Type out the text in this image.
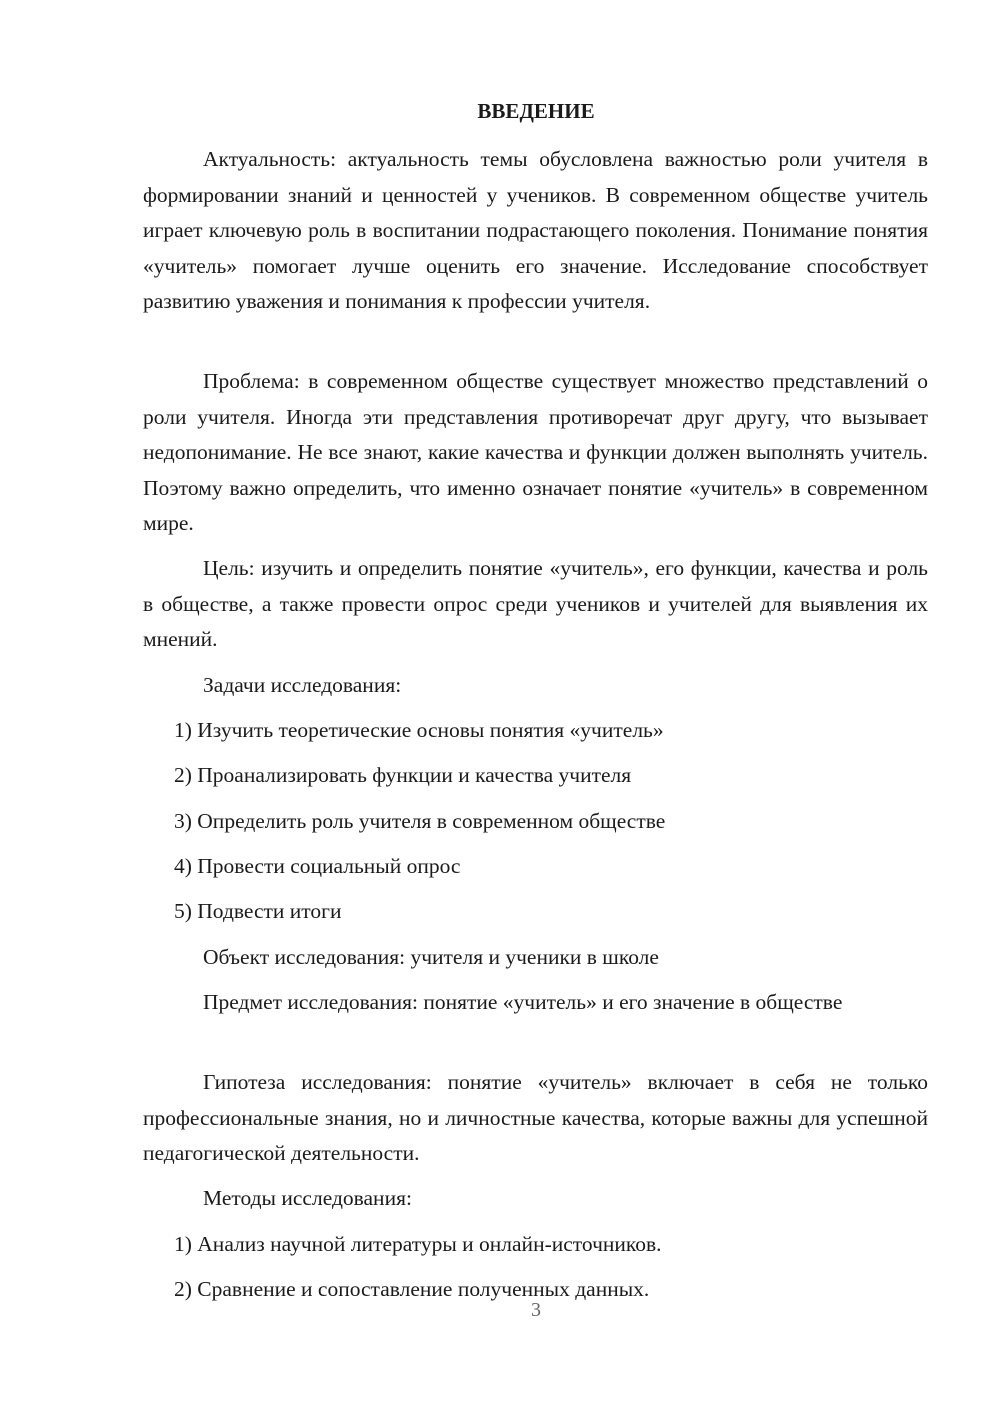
ВВЕДЕНИЕ

Актуальность: актуальность темы обусловлена важностью роли учителя в формировании знаний и ценностей у учеников. В современном обществе учитель играет ключевую роль в воспитании подрастающего поколения. Понимание понятия «учитель» помогает лучше оценить его значение. Исследование способствует развитию уважения и понимания к профессии учителя.

Проблема: в современном обществе существует множество представлений о роли учителя. Иногда эти представления противоречат друг другу, что вызывает недопонимание. Не все знают, какие качества и функции должен выполнять учитель. Поэтому важно определить, что именно означает понятие «учитель» в современном мире.

Цель: изучить и определить понятие «учитель», его функции, качества и роль в обществе, а также провести опрос среди учеников и учителей для выявления их мнений.

Задачи исследования:

1) Изучить теоретические основы понятия «учитель»

2) Проанализировать функции и качества учителя

3) Определить роль учителя в современном обществе

4) Провести социальный опрос

5) Подвести итоги

Объект исследования: учителя и ученики в школе

Предмет исследования: понятие «учитель» и его значение в обществе

Гипотеза исследования: понятие «учитель» включает в себя не только профессиональные знания, но и личностные качества, которые важны для успешной педагогической деятельности.

Методы исследования:

1) Анализ научной литературы и онлайн-источников.

2) Сравнение и сопоставление полученных данных.

3
